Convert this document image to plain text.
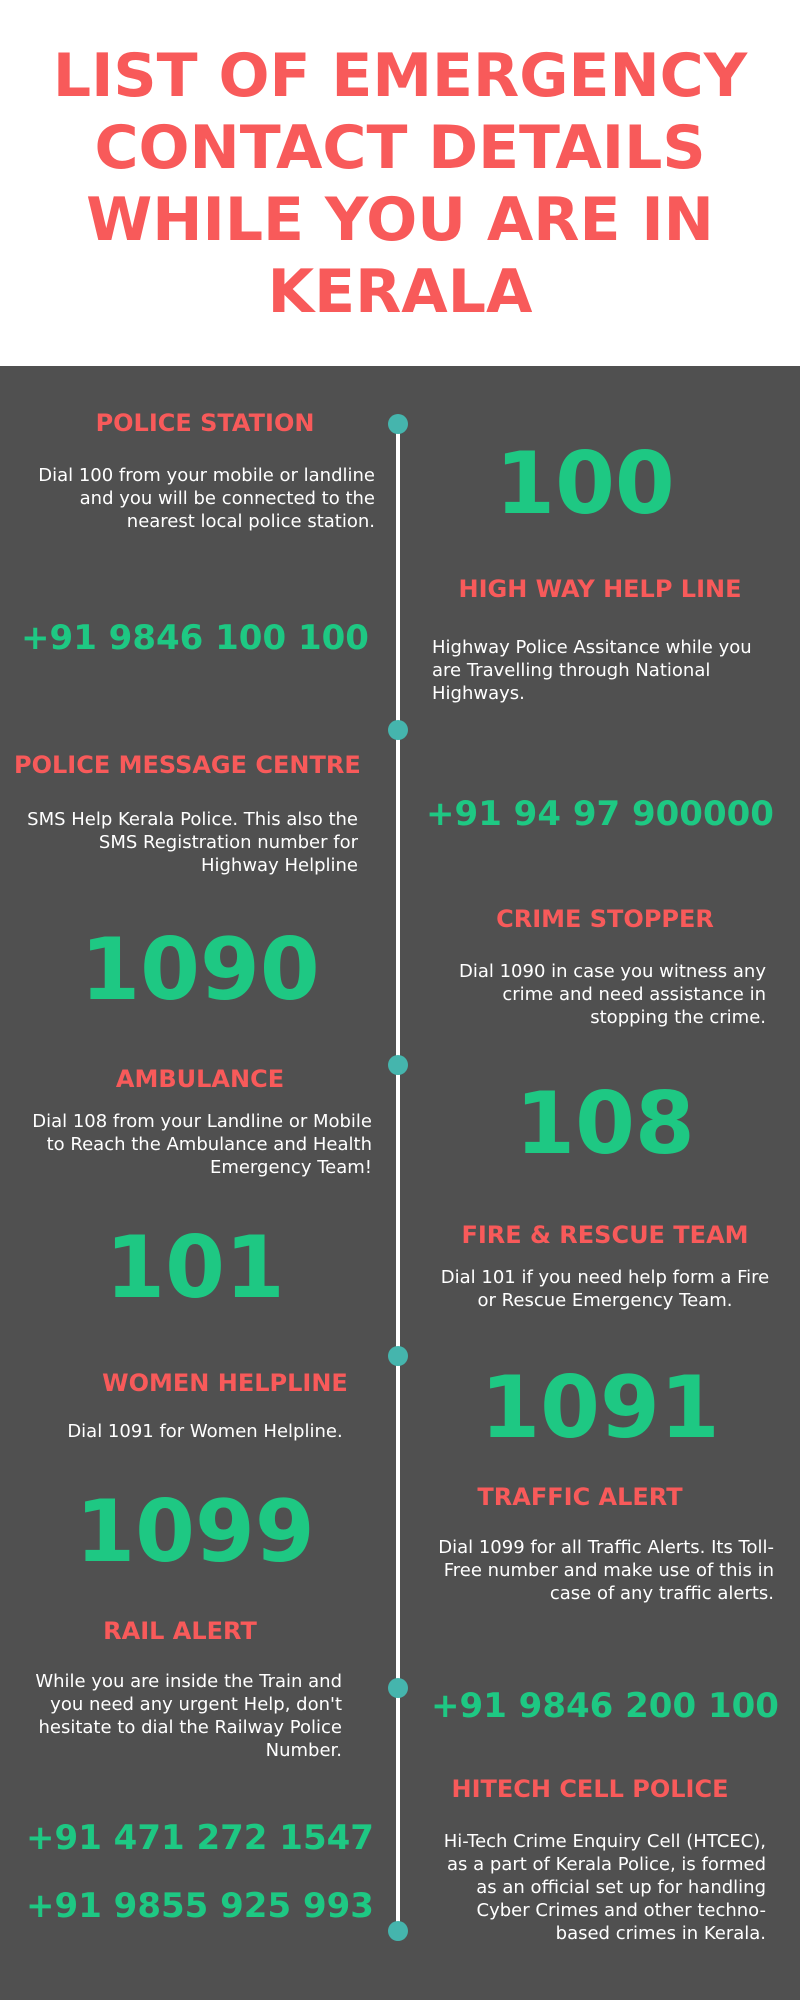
LIST OF EMERGENCY CONTACT DETAILS WHILE YOU ARE IN KERALA
POLICE STATION
Dial 100 from your mobile or landline and you will be connected to the nearest local police station.	100
HIGH WAY HELP LINE
Highway Police Assitance while you are Travelling through National Highways.
+91 9846 100 100
POLICE MESSAGE CENTRE
SMS Help Kerala Police. This also the SMS Registration number for Highway Helpline
+91 94 97 900000
CRIME STOPPER
Dial 1090 in case you witness any crime and need assistance in stopping the crime.
1090
AMBULANCE
Dial 108 from your Landline or Mobile to Reach the Ambulance and Health Emergency Team!	108
FIRE & RESCUE TEAM
Dial 101 if you need help form a Fire or Rescue Emergency Team.
101
WOMEN HELPLINE
Dial 1091 for Women Helpline.	1091
TRAFFIC ALERT
Dial 1099 for all Traffic Alerts. Its Toll-Free number and make use of this in case of any traffic alerts.
1099
RAIL ALERT
While you are inside the Train and you need any urgent Help, don't hesitate to dial the Railway Police Number.
+91 9846 200 100
HITECH CELL POLICE
Hi-Tech Crime Enquiry Cell (HTCEC), as a part of Kerala Police, is formed as an official set up for handling Cyber Crimes and other techno-based crimes in Kerala.
+91 471 272 1547
+91 9855 925 993
